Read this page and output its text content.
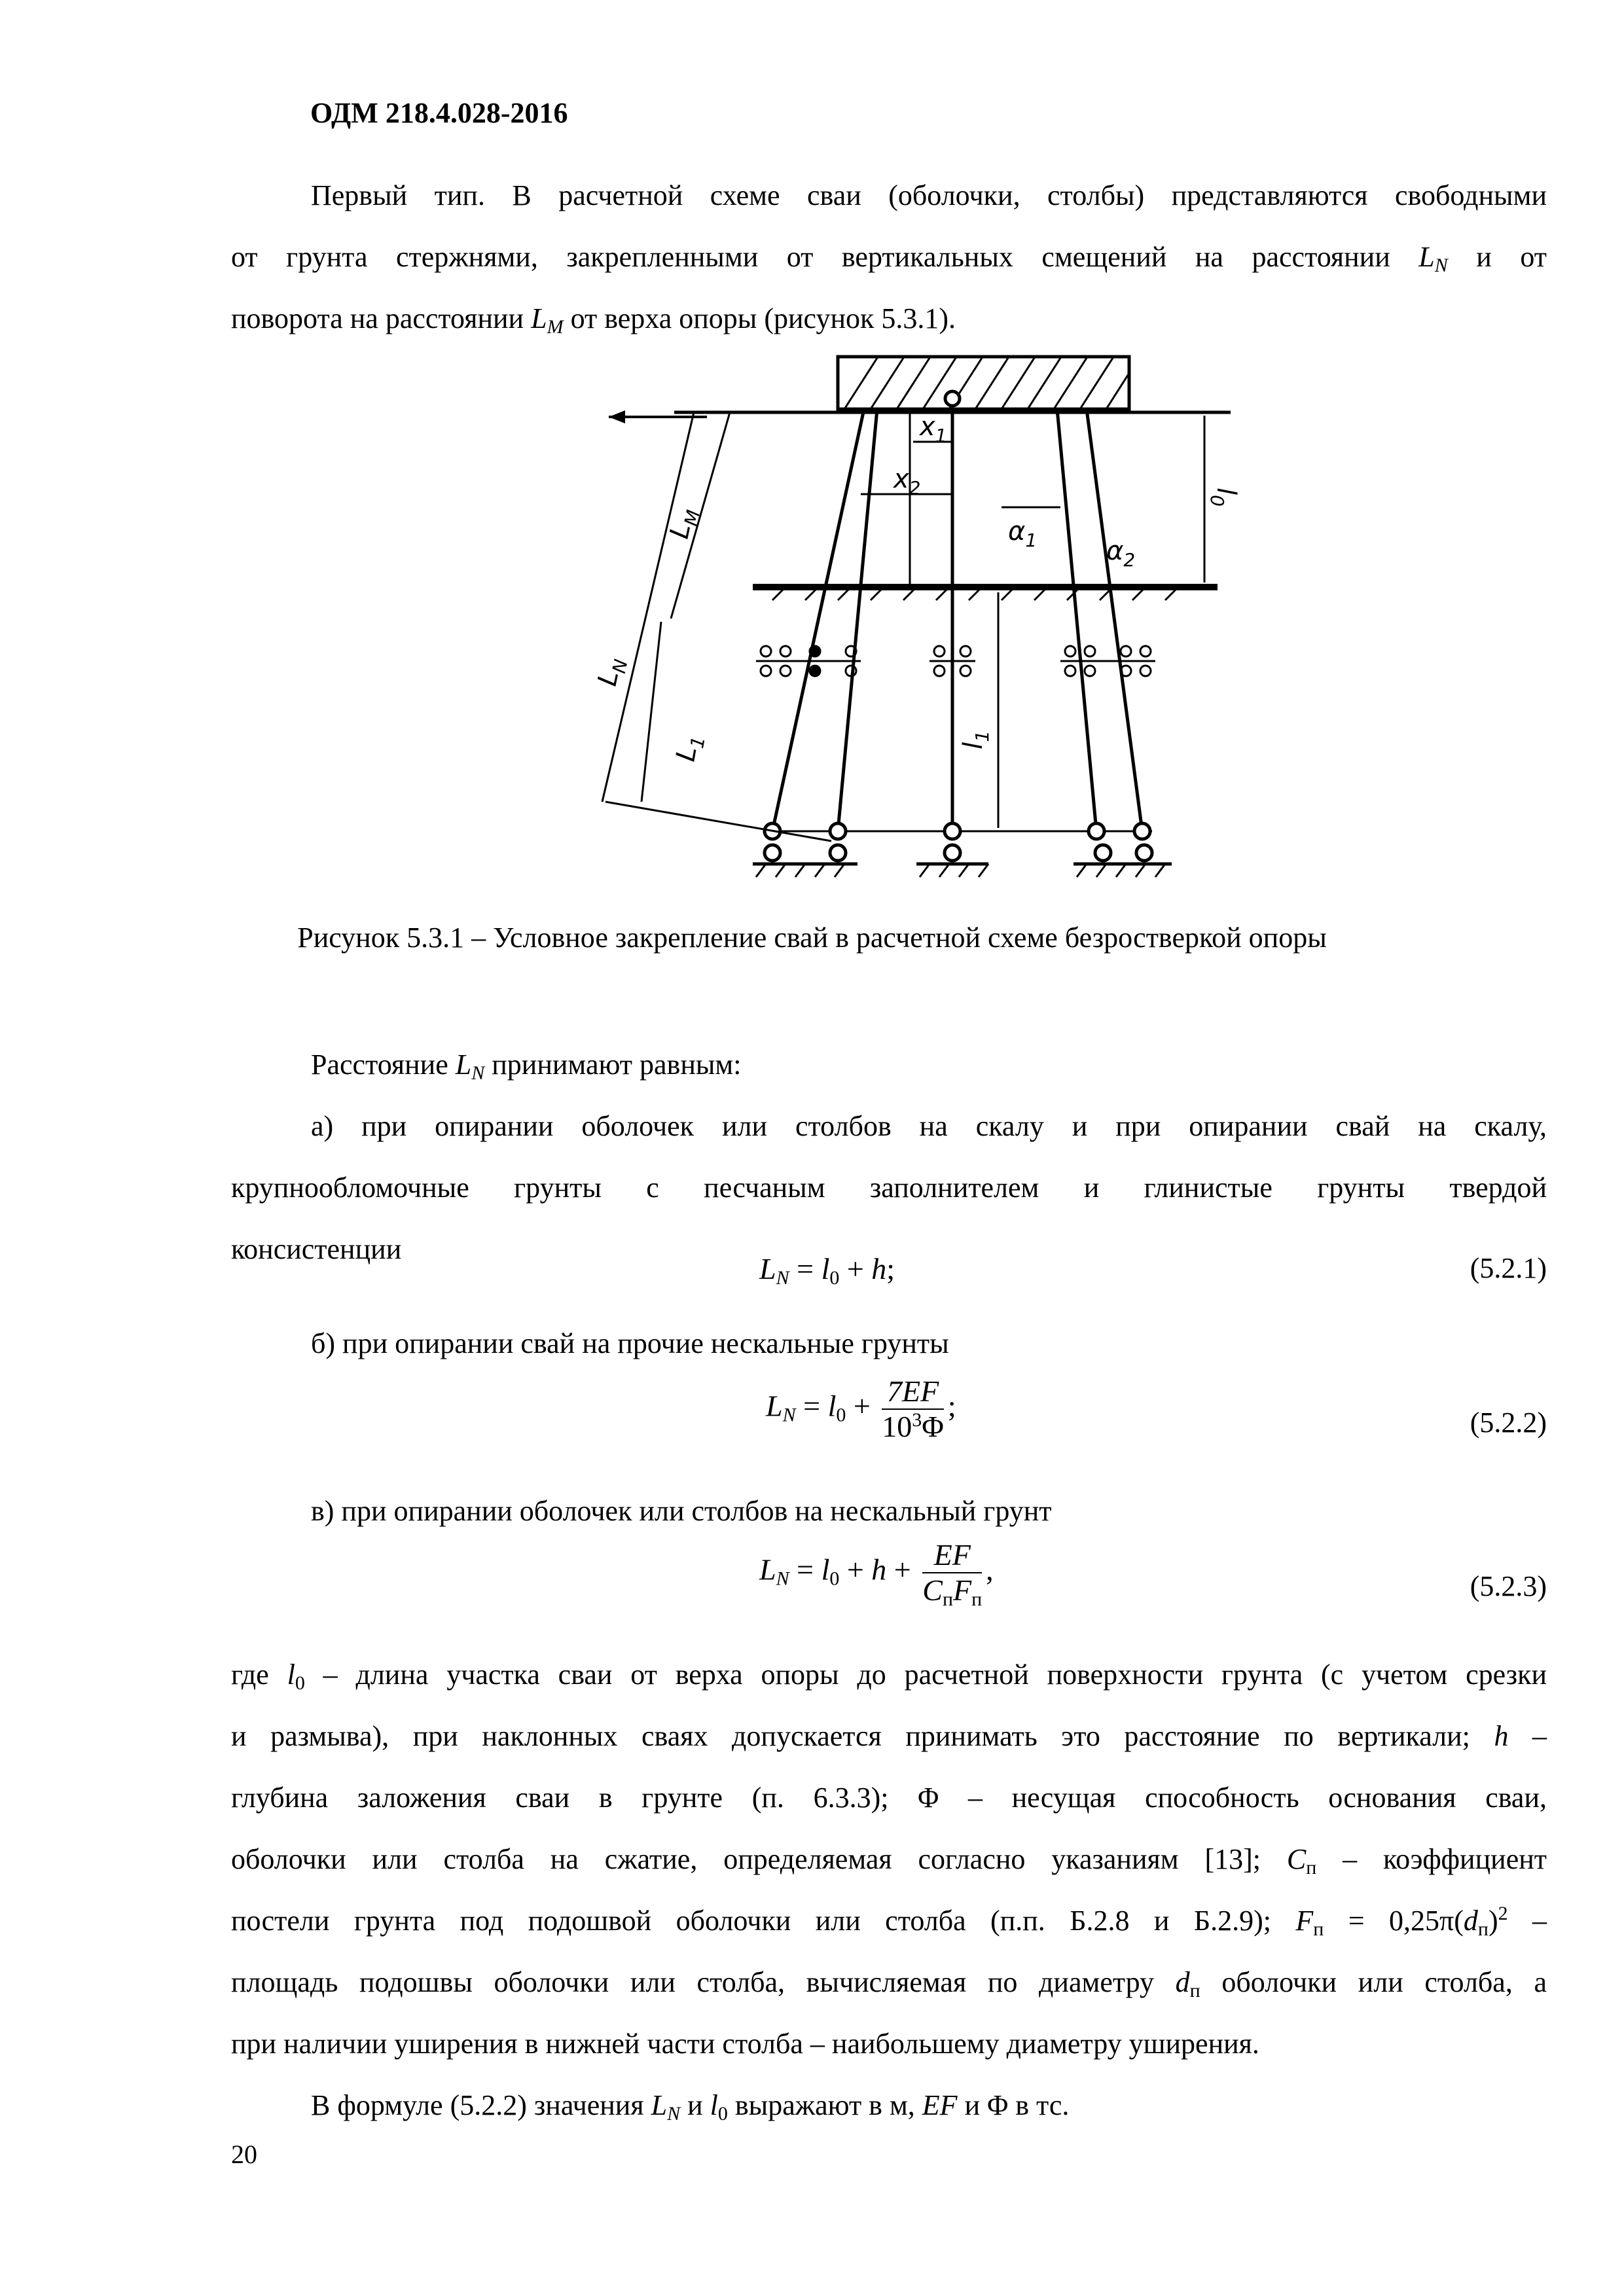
ОДМ 218.4.028-2016
Первый тип. В расчетной схеме сваи (оболочки, столбы) представляются свободными
от грунта стержнями, закрепленными от вертикальных смещений на расстоянии $L_N$ и от
поворота на расстоянии $L_M$ от верха опоры (рисунок 5.3.1).
$L_N$
$L_M$
$L_1$
$l_0$
$l_1$
$x_1$
$x_2$
$\alpha_1$	$\alpha_2$
Рисунок 5.3.1 – Условное закрепление свай в расчетной схеме безростверкой опоры
Расстояние $L_N$ принимают равным:
а) при опирании оболочек или столбов на скалу и при опирании свай на скалу,
крупнообломочные грунты с песчаным заполнителем и глинистые грунты твердой
консистенции
$L_N = l_0 + h$;	(5.2.1)
б) при опирании свай на прочие нескальные грунты
$L_N = l_0 + \frac{7EF}{10^3\Phi}$ ;	(5.2.2)
в) при опирании оболочек или столбов на нескальный грунт
$L_N = l_0 + h + \frac{EF}{C_пF_п}$ ,	(5.2.3)
где $l_0$ – длина участка сваи от верха опоры до расчетной поверхности грунта (с учетом срезки
и размыва), при наклонных сваях допускается принимать это расстояние по вертикали; h –
глубина заложения сваи в грунте (п. 6.3.3); Φ – несущая способность основания сваи,
оболочки или столба на сжатие, определяемая согласно указаниям [13]; $C_п$ – коэффициент
постели грунта под подошвой оболочки или столба (п.п. Б.2.8 и Б.2.9); $F_п = 0,25\pi(d_п)^2$ –
площадь подошвы оболочки или столба, вычисляемая по диаметру $d_п$ оболочки или столба, а
при наличии уширения в нижней части столба – наибольшему диаметру уширения.
В формуле (5.2.2) значения $L_N$ и $l_0$ выражают в м, EF и Φ в тс.
20
